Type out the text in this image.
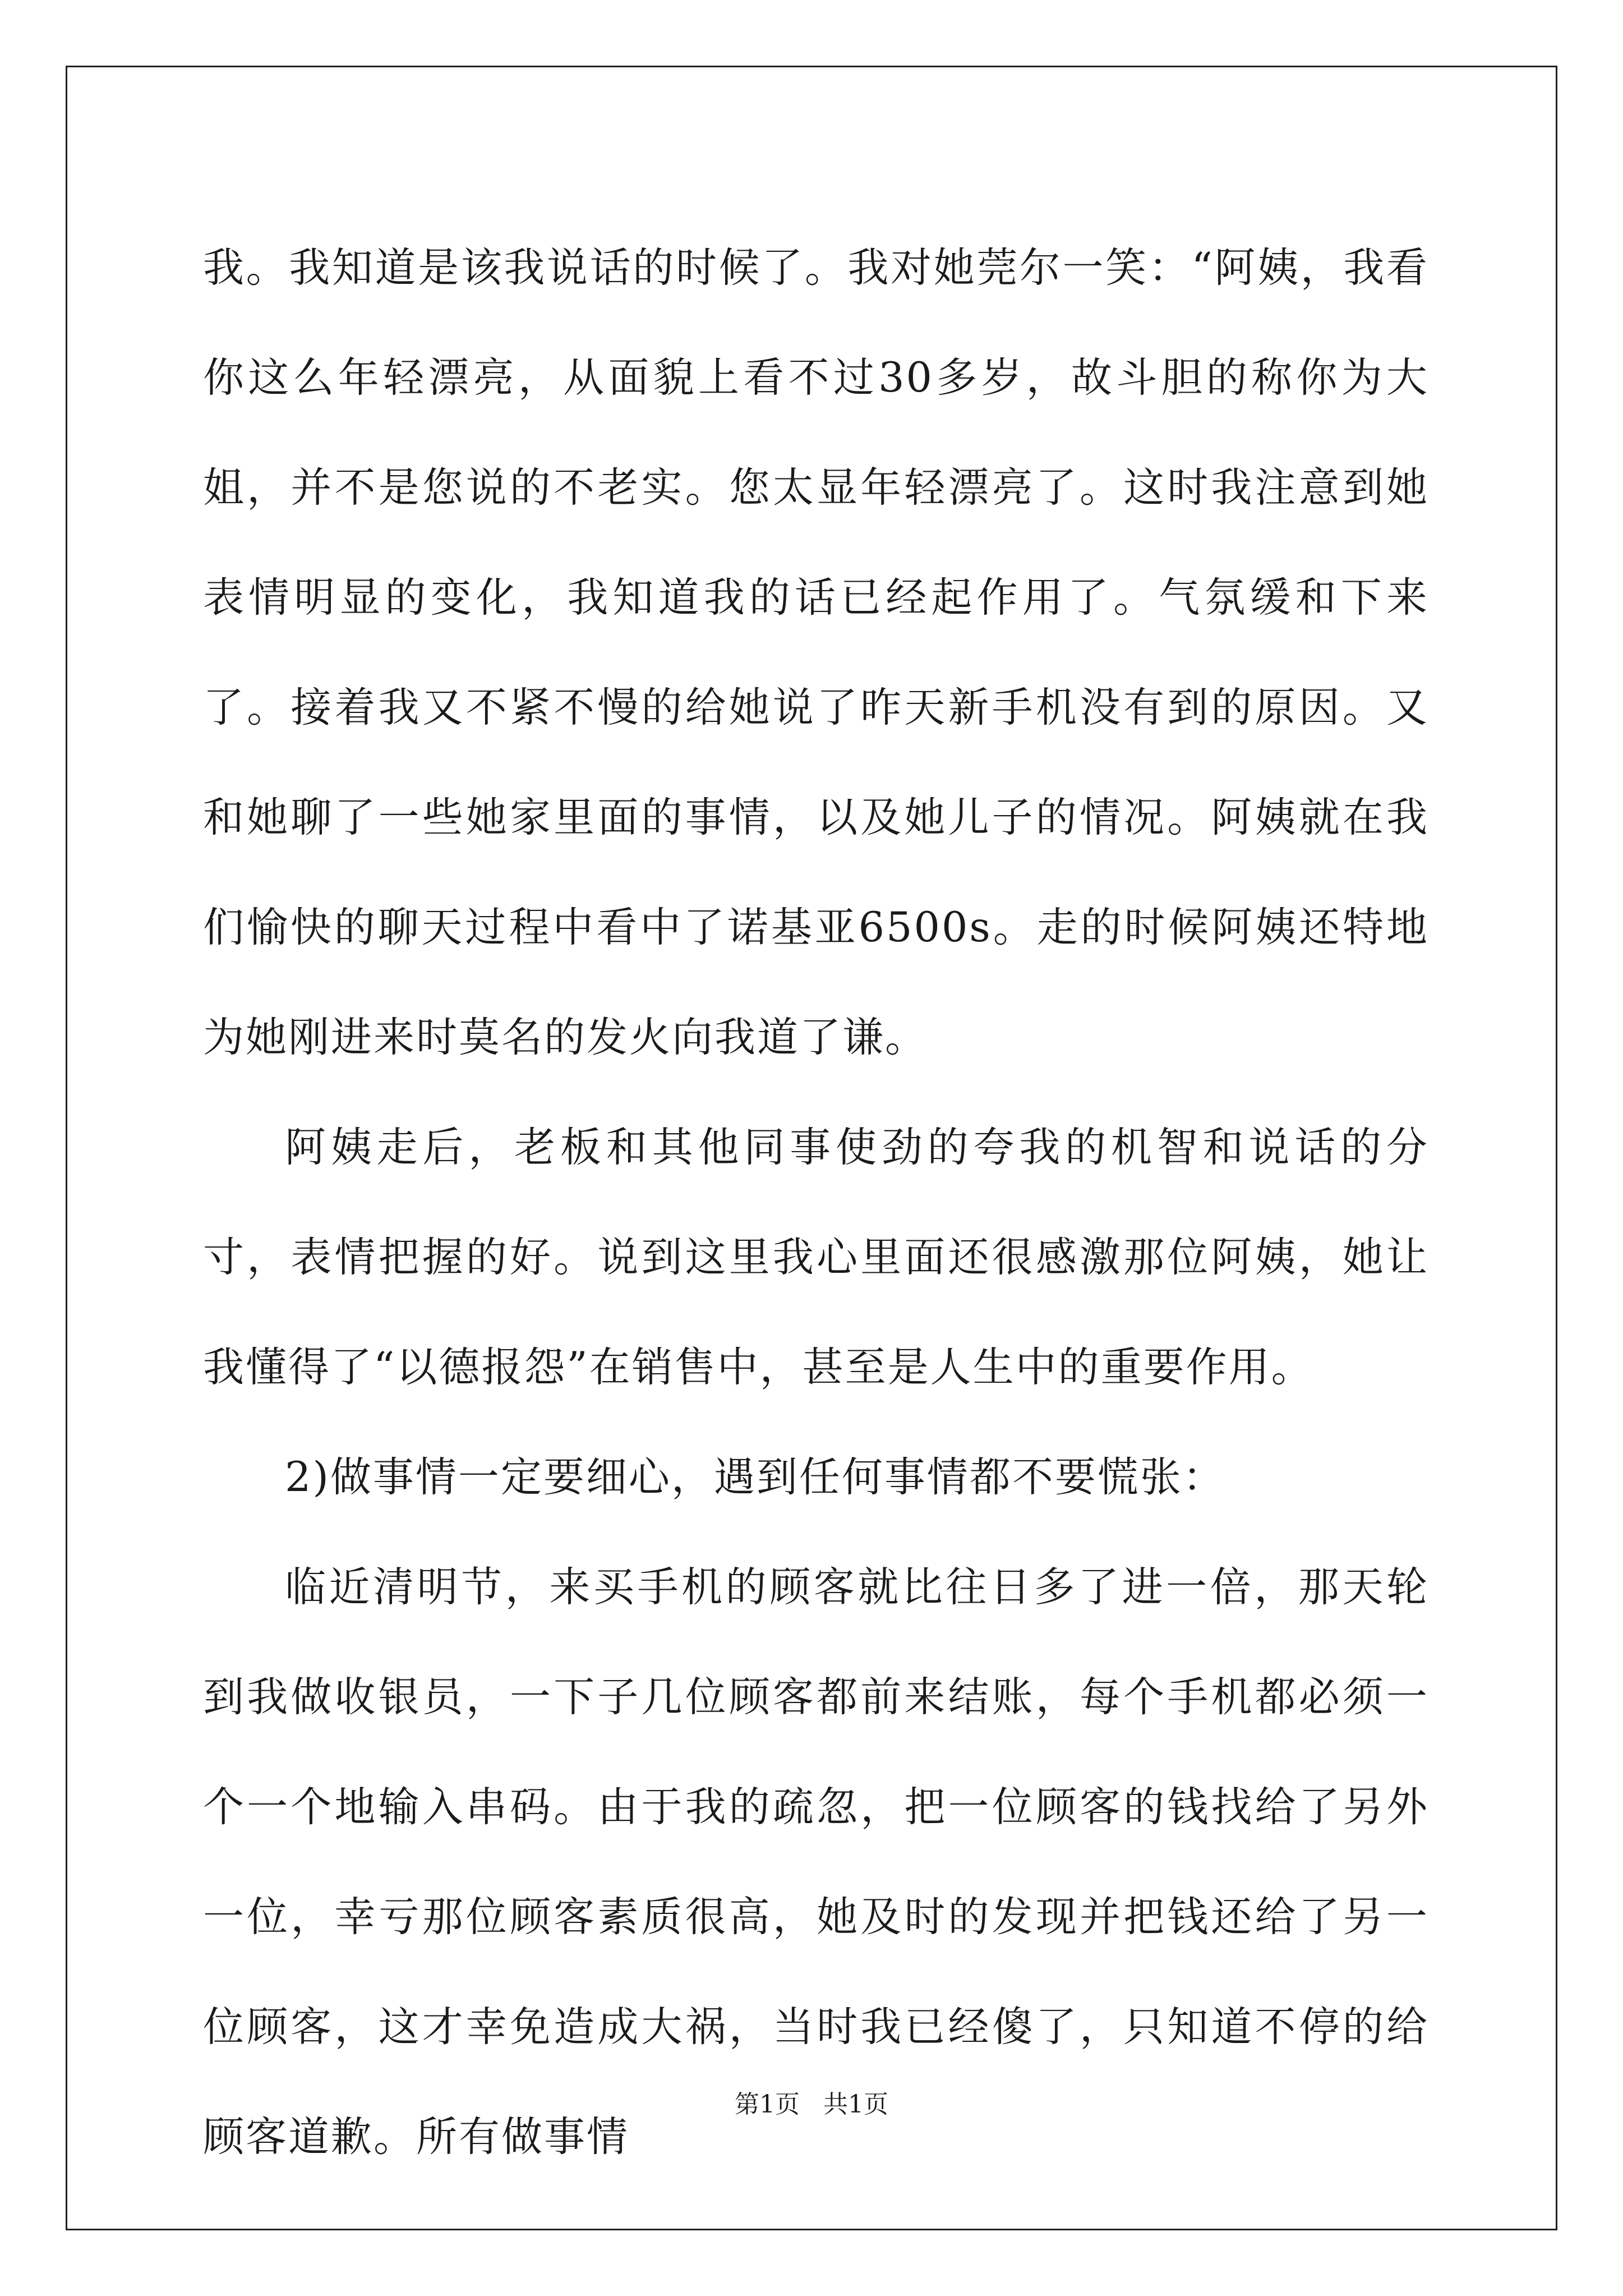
我。我知道是该我说话的时候了。我对她莞尔一笑：“阿姨，我看你这么年轻漂亮，从面貌上看不过30多岁，故斗胆的称你为大姐，并不是您说的不老实。您太显年轻漂亮了。这时我注意到她表情明显的变化，我知道我的话已经起作用了。气氛缓和下来了。接着我又不紧不慢的给她说了昨天新手机没有到的原因。又和她聊了一些她家里面的事情，以及她儿子的情况。阿姨就在我们愉快的聊天过程中看中了诺基亚6500s。走的时候阿姨还特地为她刚进来时莫名的发火向我道了谦。

阿姨走后，老板和其他同事使劲的夸我的机智和说话的分寸，表情把握的好。说到这里我心里面还很感激那位阿姨，她让我懂得了“以德报怨”在销售中，甚至是人生中的重要作用。

2)做事情一定要细心，遇到任何事情都不要慌张：

临近清明节，来买手机的顾客就比往日多了进一倍，那天轮到我做收银员，一下子几位顾客都前来结账，每个手机都必须一个一个地输入串码。由于我的疏忽，把一位顾客的钱找给了另外一位，幸亏那位顾客素质很高，她及时的发现并把钱还给了另一位顾客，这才幸免造成大祸，当时我已经傻了，只知道不停的给顾客道歉。所有做事情

第1页 共1页
